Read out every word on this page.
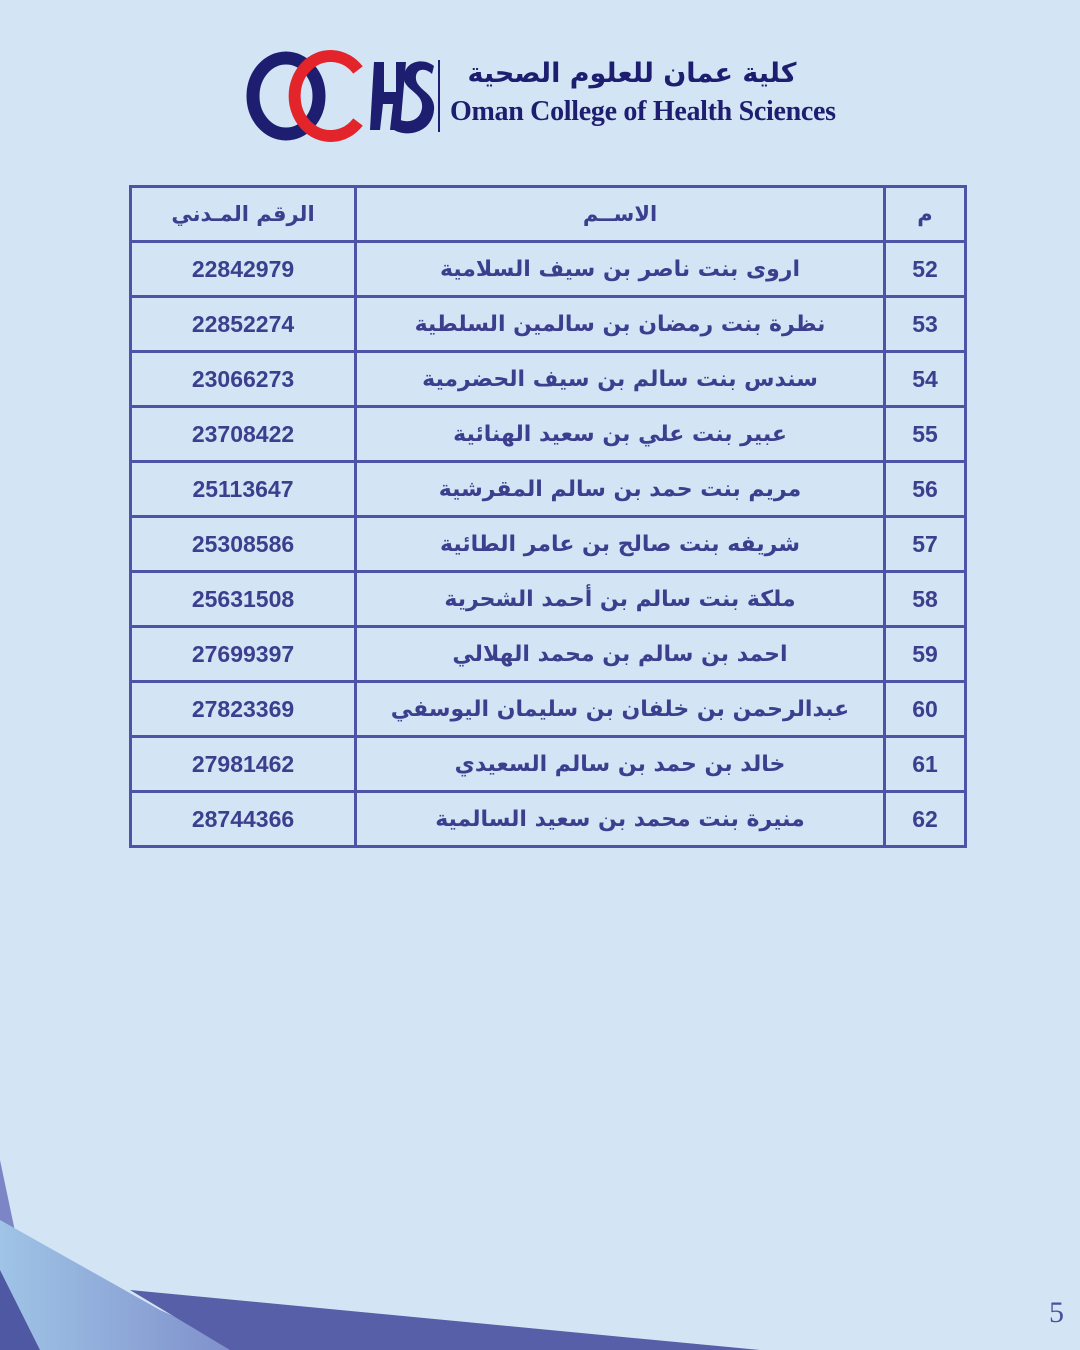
كلية عمان للعلوم الصحية
Oman College of Health Sciences
م	الاســم	الرقم المـدني
52	اروى بنت ناصر بن سيف السلامية	22842979
53	نظرة بنت رمضان بن سالمين السلطية	22852274
54	سندس بنت سالم بن سيف الحضرمية	23066273
55	عبير بنت علي بن سعيد الهنائية	23708422
56	مريم بنت حمد بن سالم المقرشية	25113647
57	شريفه بنت صالح بن عامر الطائية	25308586
58	ملكة بنت سالم بن أحمد الشحرية	25631508
59	احمد بن سالم بن محمد الهلالي	27699397
60	عبدالرحمن بن خلفان بن سليمان اليوسفي	27823369
61	خالد بن حمد بن سالم السعيدي	27981462
62	منيرة بنت محمد بن سعيد السالمية	28744366
5
